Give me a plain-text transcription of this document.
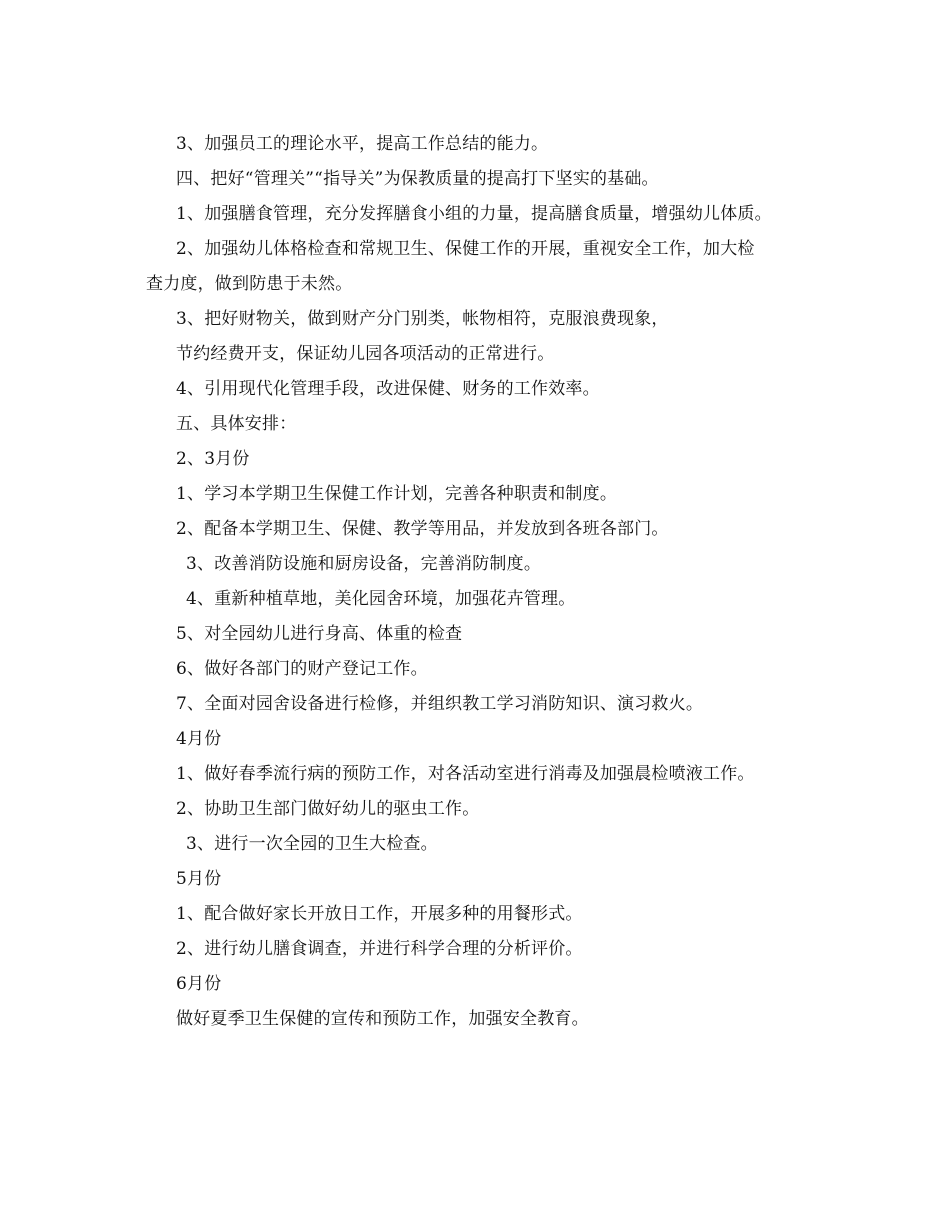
3、加强员工的理论水平，提高工作总结的能力。
四、把好“管理关”“指导关”为保教质量的提高打下坚实的基础。
1、加强膳食管理，充分发挥膳食小组的力量，提高膳食质量，增强幼儿体质。
2、加强幼儿体格检查和常规卫生、保健工作的开展，重视安全工作，加大检
查力度，做到防患于未然。
3、把好财物关，做到财产分门别类，帐物相符，克服浪费现象，
节约经费开支，保证幼儿园各项活动的正常进行。
4、引用现代化管理手段，改进保健、财务的工作效率。
五、具体安排：
2、3月份
1、学习本学期卫生保健工作计划，完善各种职责和制度。
2、配备本学期卫生、保健、教学等用品，并发放到各班各部门。
3、改善消防设施和厨房设备，完善消防制度。
4、重新种植草地，美化园舍环境，加强花卉管理。
5、对全园幼儿进行身高、体重的检查
6、做好各部门的财产登记工作。
7、全面对园舍设备进行检修，并组织教工学习消防知识、演习救火。
4月份
1、做好春季流行病的预防工作，对各活动室进行消毒及加强晨检喷液工作。
2、协助卫生部门做好幼儿的驱虫工作。
3、进行一次全园的卫生大检查。
5月份
1、配合做好家长开放日工作，开展多种的用餐形式。
2、进行幼儿膳食调查，并进行科学合理的分析评价。
6月份
做好夏季卫生保健的宣传和预防工作，加强安全教育。
